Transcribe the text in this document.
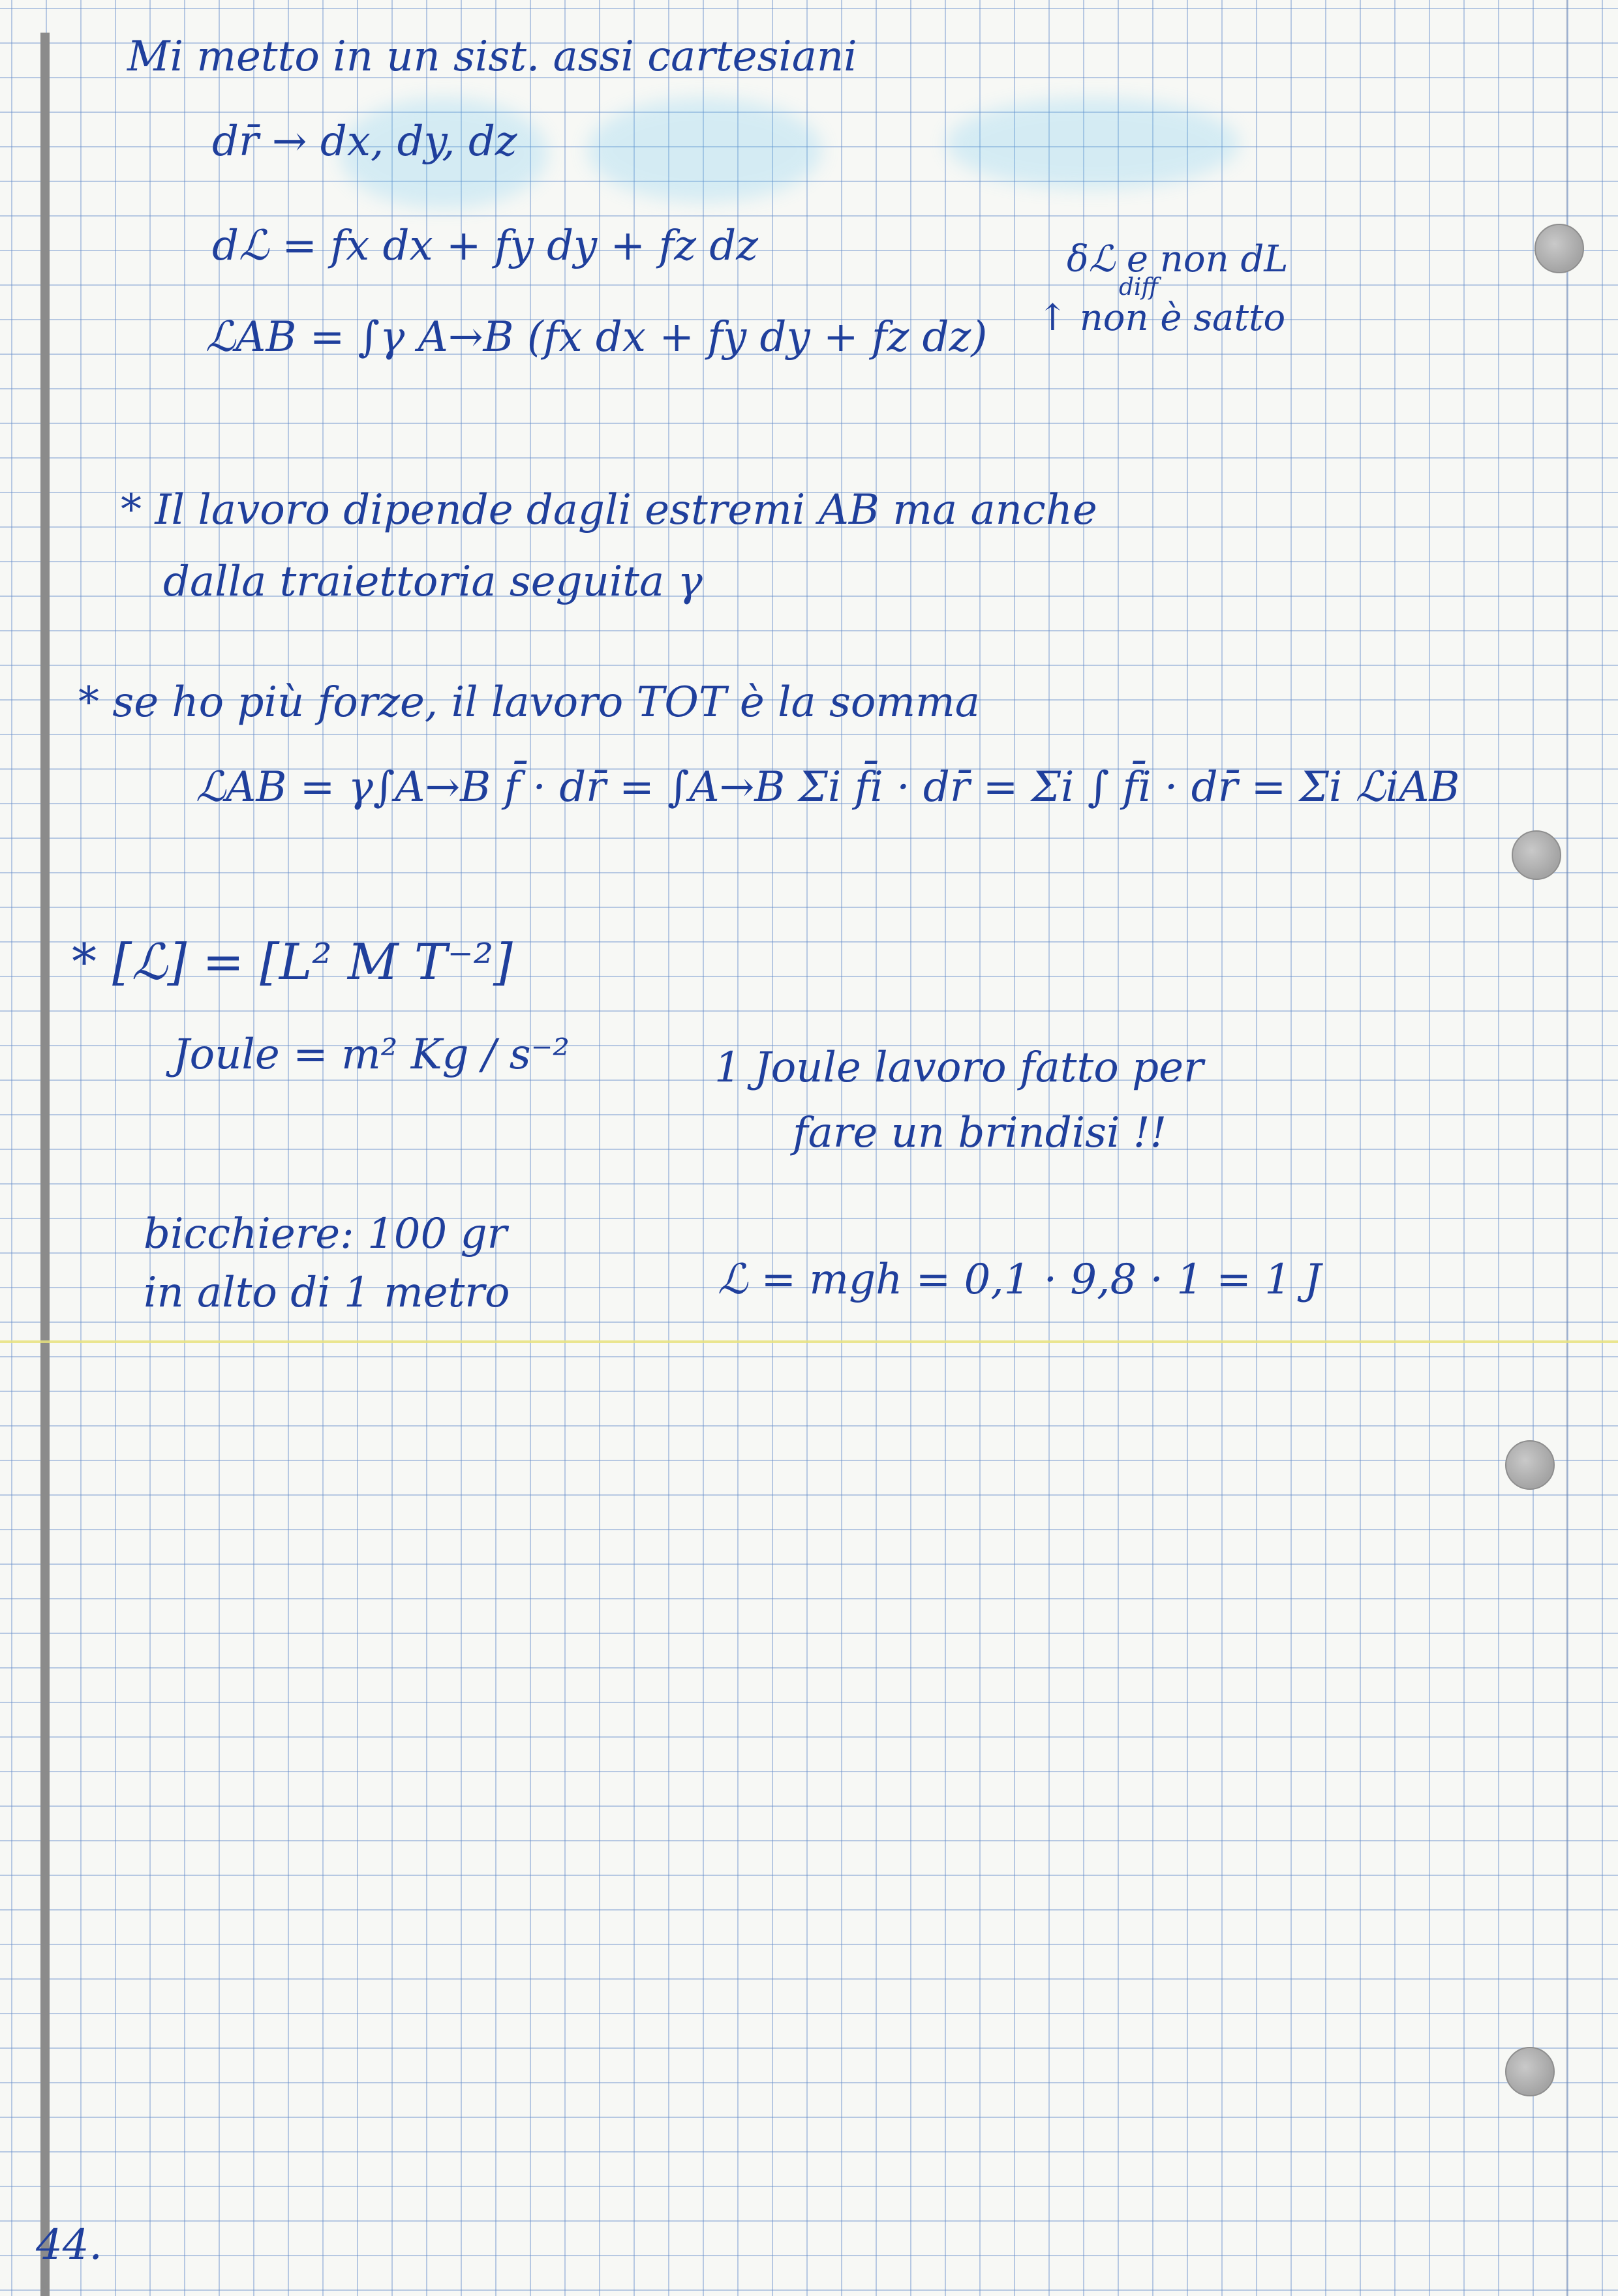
Mi metto in un sist. assi cartesiani
dr̄ → dx, dy, dz
dℒ = fx dx + fy dy + fz dz
ℒAB = ∫γ A→B (fx dx + fy dy + fz dz)
δℒ e non dL
↑ non è satto
diff
* Il lavoro dipende dagli estremi AB ma anche
dalla traiettoria seguita γ
* se ho più forze, il lavoro TOT è la somma
ℒAB = γ∫A→B f̄ · dr̄ = ∫A→B Σi f̄i · dr̄ = Σi ∫ f̄i · dr̄ = Σi ℒiAB
* [ℒ] = [L² M T⁻²]
Joule = m² Kg / s⁻²	1 Joule lavoro fatto per
fare un brindisi !!
bicchiere: 100 gr
in alto di 1 metro	ℒ = mgh = 0,1 · 9,8 · 1 = 1 J
44.
